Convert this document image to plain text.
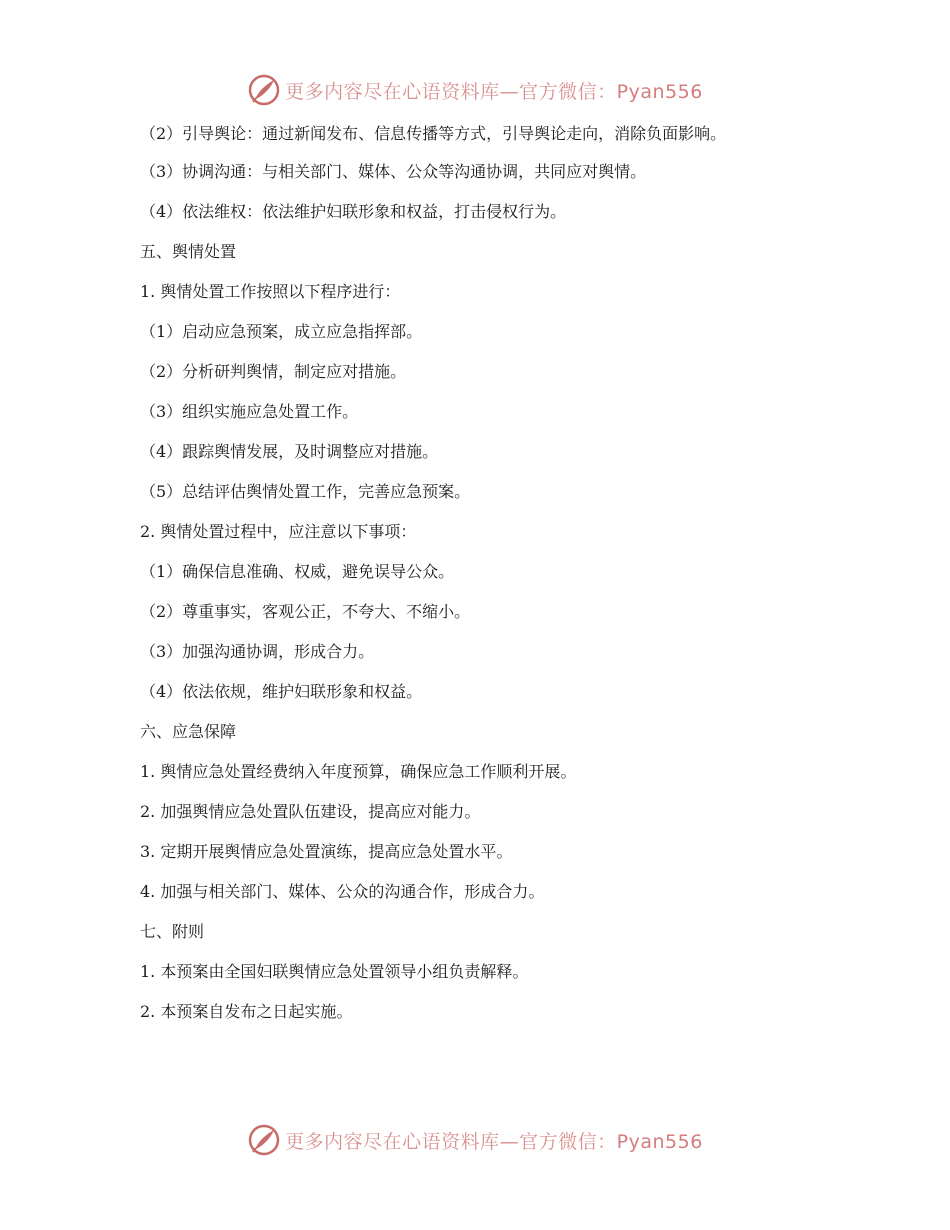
更多内容尽在心语资料库—官方微信：Pyan556

（2）引导舆论：通过新闻发布、信息传播等方式，引导舆论走向，消除负面影响。

（3）协调沟通：与相关部门、媒体、公众等沟通协调，共同应对舆情。

（4）依法维权：依法维护妇联形象和权益，打击侵权行为。

五、舆情处置

1. 舆情处置工作按照以下程序进行：

（1）启动应急预案，成立应急指挥部。

（2）分析研判舆情，制定应对措施。

（3）组织实施应急处置工作。

（4）跟踪舆情发展，及时调整应对措施。

（5）总结评估舆情处置工作，完善应急预案。

2. 舆情处置过程中，应注意以下事项：

（1）确保信息准确、权威，避免误导公众。

（2）尊重事实，客观公正，不夸大、不缩小。

（3）加强沟通协调，形成合力。

（4）依法依规，维护妇联形象和权益。

六、应急保障

1. 舆情应急处置经费纳入年度预算，确保应急工作顺利开展。

2. 加强舆情应急处置队伍建设，提高应对能力。

3. 定期开展舆情应急处置演练，提高应急处置水平。

4. 加强与相关部门、媒体、公众的沟通合作，形成合力。

七、附则

1. 本预案由全国妇联舆情应急处置领导小组负责解释。

2. 本预案自发布之日起实施。

更多内容尽在心语资料库—官方微信：Pyan556
